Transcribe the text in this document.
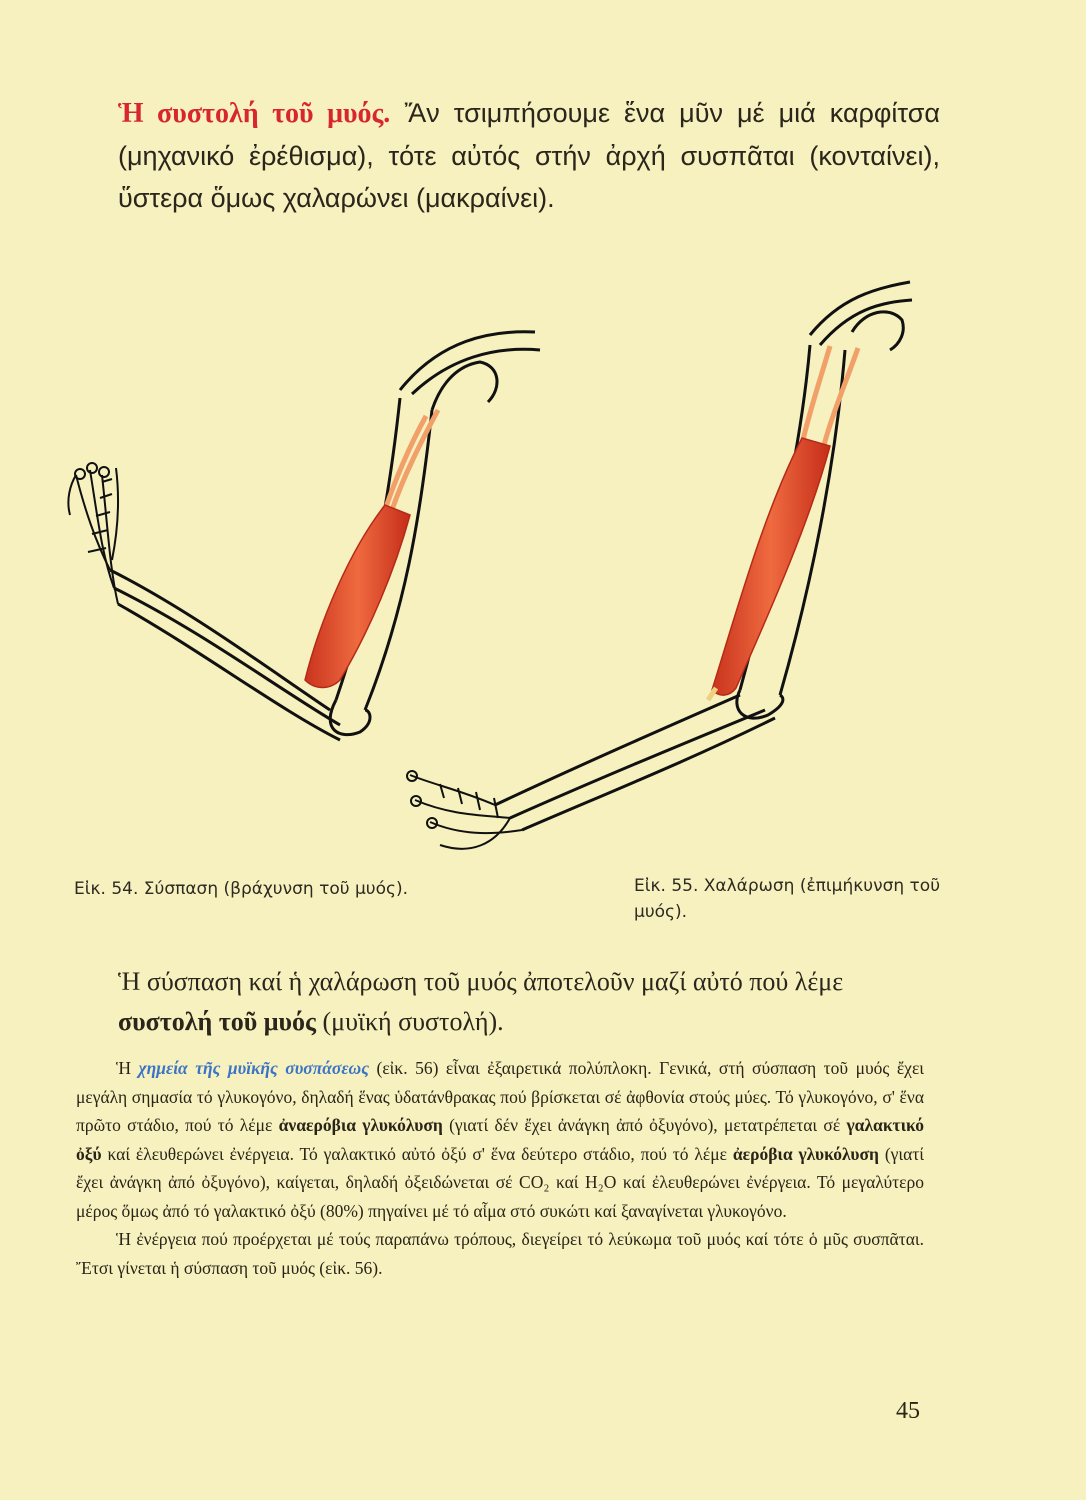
Ἡ συστολή τοῦ μυός. Ἄν τσιμπήσουμε ἕνα μῦν μέ μιά καρφίτσα (μηχανικό ἐρέθισμα), τότε αὐτός στήν ἀρχή συσπᾶται (κονταίνει), ὕστερα ὅμως χαλαρώνει (μακραίνει).
Εἰκ. 54. Σύσπαση (βράχυνση τοῦ μυός).	Εἰκ. 55. Χαλάρωση (ἐπιμήκυνση τοῦ μυός).
Ἡ σύσπαση καί ἡ χαλάρωση τοῦ μυός ἀποτελοῦν μαζί αὐτό πού λέμε συστολή τοῦ μυός (μυϊκή συστολή).

Ἡ χημεία τῆς μυϊκῆς συσπάσεως (εἰκ. 56) εἶναι ἐξαιρετικά πολύπλοκη. Γενικά, στή σύσπαση τοῦ μυός ἔχει μεγάλη σημασία τό γλυκογόνο, δηλαδή ἕνας ὑδατάνθρακας πού βρίσκεται σέ ἀφθονία στούς μύες. Τό γλυκογόνο, σ' ἕνα πρῶτο στάδιο, πού τό λέμε ἀναερόβια γλυκόλυση (γιατί δέν ἔχει ἀνάγκη ἀπό ὀξυγόνο), μετατρέπεται σέ γαλακτικό ὀξύ καί ἐλευθερώνει ἐνέργεια. Τό γαλακτικό αὐτό ὀξύ σ' ἕνα δεύτερο στάδιο, πού τό λέμε ἀερόβια γλυκόλυση (γιατί ἔχει ἀνάγκη ἀπό ὀξυγόνο), καίγεται, δηλαδή ὀξειδώνεται σέ CO₂ καί H₂O καί ἐλευθερώνει ἐνέργεια. Τό μεγαλύτερο μέρος ὅμως ἀπό τό γαλακτικό ὀξύ (80%) πηγαίνει μέ τό αἷμα στό συκώτι καί ξαναγίνεται γλυκογόνο.

Ἡ ἐνέργεια πού προέρχεται μέ τούς παραπάνω τρόπους, διεγείρει τό λεύκωμα τοῦ μυός καί τότε ὁ μῦς συσπᾶται. Ἔτσι γίνεται ἡ σύσπαση τοῦ μυός (εἰκ. 56).

45
